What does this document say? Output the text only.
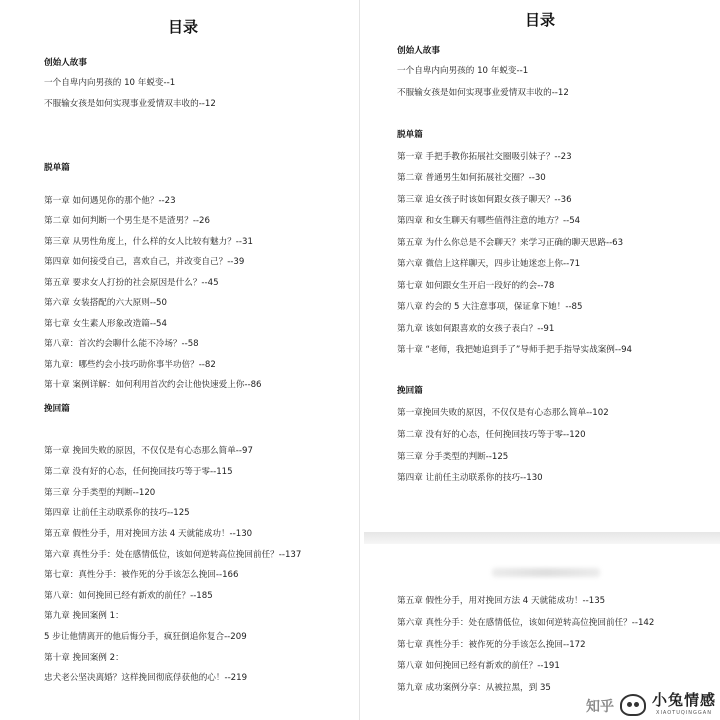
目录
创始人故事
一个自卑内向男孩的 10 年蜕变--1
不服输女孩是如何实现事业爱情双丰收的--12
脱单篇
第一章 如何遇见你的那个他？--23
第二章 如何判断一个男生是不是渣男？--26
第三章 从男性角度上，什么样的女人比较有魅力？--31
第四章 如何接受自己，喜欢自己，并改变自己？--39
第五章 要求女人打扮的社会原因是什么？--45
第六章 女装搭配的六大原则--50
第七章 女生素人形象改造篇--54
第八章：首次约会聊什么能不冷场？--58
第九章：哪些约会小技巧助你事半功倍？--82
第十章 案例详解：如何利用首次约会让他快速爱上你--86
挽回篇
第一章 挽回失败的原因，不仅仅是有心态那么简单--97
第二章 没有好的心态，任何挽回技巧等于零--115
第三章 分手类型的判断--120
第四章 让前任主动联系你的技巧--125
第五章 假性分手，用对挽回方法 4 天就能成功！--130
第六章 真性分手：处在感情低位，该如何逆转高位挽回前任？--137
第七章：真性分手：被作死的分手该怎么挽回--166
第八章：如何挽回已经有新欢的前任？--185
第九章 挽回案例 1：
5 步让他情离开的他后悔分手，疯狂倒追你复合--209
第十章 挽回案例 2：
忠犬老公坚决离婚？这样挽回彻底俘获他的心！--219
目录
创始人故事
一个自卑内向男孩的 10 年蜕变--1
不服输女孩是如何实现事业爱情双丰收的--12
脱单篇
第一章 手把手教你拓展社交圈吸引妹子？--23
第二章 普通男生如何拓展社交圈？--30
第三章 追女孩子时该如何跟女孩子聊天？--36
第四章 和女生聊天有哪些值得注意的地方？--54
第五章 为什么你总是不会聊天？来学习正确的聊天思路--63
第六章 微信上这样聊天，四步让她迷恋上你--71
第七章 如何跟女生开启一段好的约会--78
第八章 约会的 5 大注意事项，保证拿下她！--85
第九章 该如何跟喜欢的女孩子表白？--91
第十章 “老师，我把她追到手了”导师手把手指导实战案例--94
挽回篇
第一章挽回失败的原因，不仅仅是有心态那么简单--102
第二章 没有好的心态，任何挽回技巧等于零--120
第三章 分手类型的判断--125
第四章 让前任主动联系你的技巧--130
第五章 假性分手，用对挽回方法 4 天就能成功！--135
第六章 真性分手：处在感情低位，该如何逆转高位挽回前任？--142
第七章 真性分手：被作死的分手该怎么挽回--172
第八章 如何挽回已经有新欢的前任？--191
第九章 成功案例分享：从被拉黑，到 35
知乎	小兔情感
XIAOTUQINGGAN
